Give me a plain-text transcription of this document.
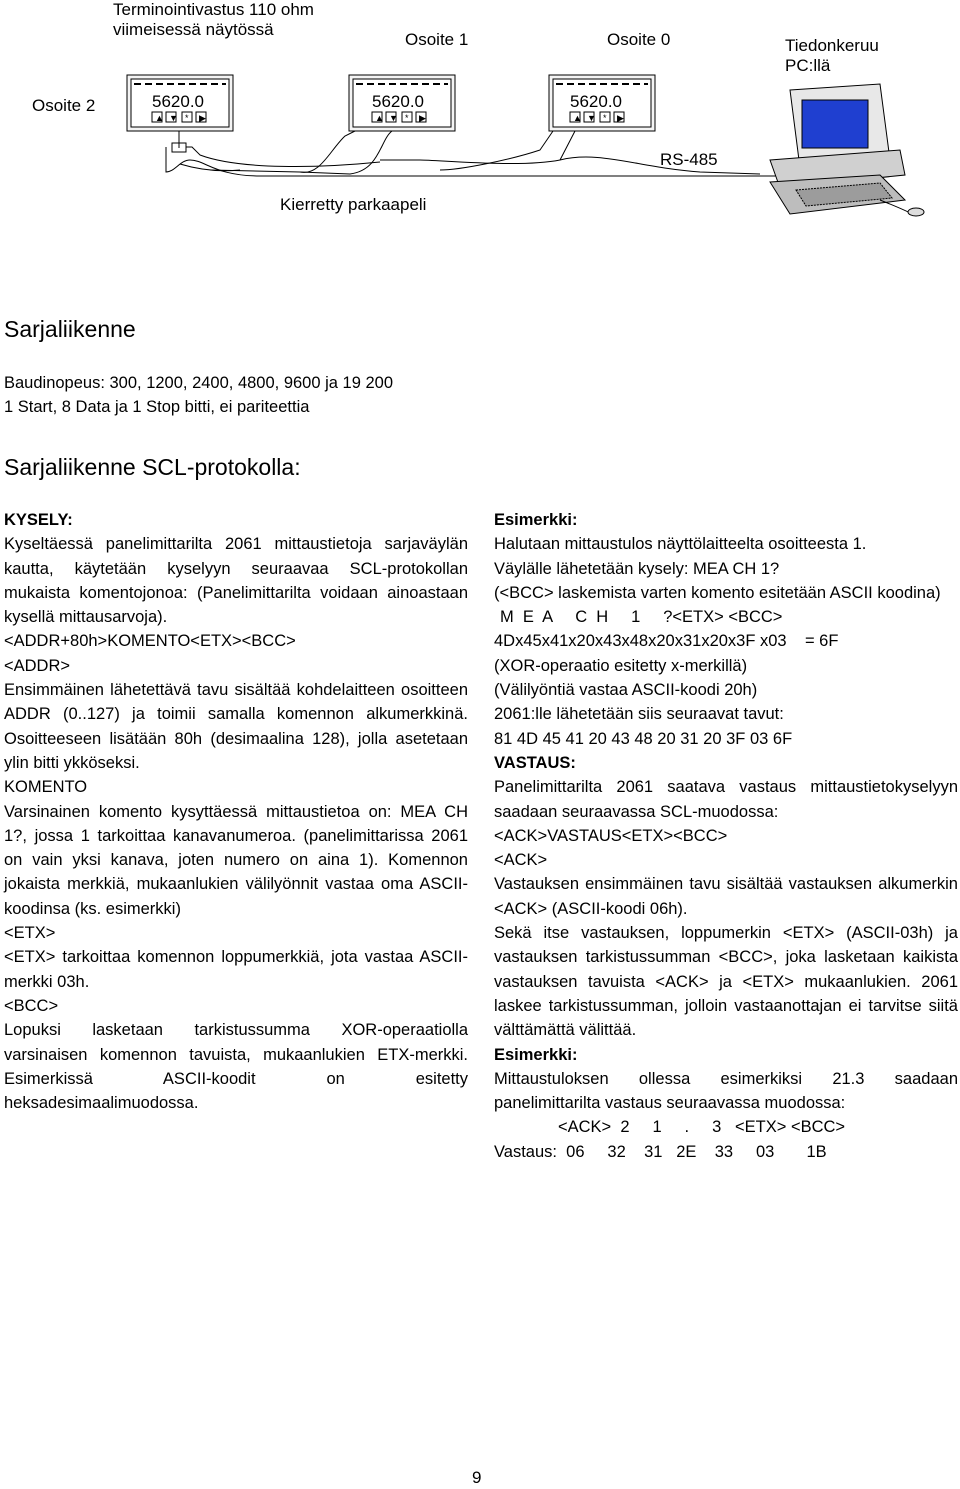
5620.0	5620.0	5620.0
▲ ▼ * ▶	▲ ▼ * ▶	▲ ▼ * ▶
Terminointivastus 110 ohm
viimeisessä näytössä
Osoite 2
Osoite 1	Osoite 0	Tiedonkeruu
PC:llä
RS-485
Kierretty parkaapeli
Sarjaliikenne
Baudinopeus: 300, 1200, 2400, 4800, 9600 ja 19 200
1 Start, 8 Data ja 1 Stop bitti, ei pariteettia
Sarjaliikenne SCL-protokolla:

KYSELY:

Kyseltäessä panelimittarilta 2061 mittaustietoja sarjaväylän kautta, käytetään kyselyyn seuraavaa SCL-protokollan mukaista komentojonoa: (Panelimittarilta voidaan ainoastaan kysellä mittausarvoja).

<ADDR+80h>KOMENTO<ETX><BCC>

<ADDR>

Ensimmäinen lähetettävä tavu sisältää kohdelaitteen osoitteen ADDR (0..127) ja toimii samalla komennon alkumerkkinä. Osoitteeseen lisätään 80h (desimaalina 128), jolla asetetaan ylin bitti ykköseksi.

KOMENTO

Varsinainen komento kysyttäessä mittaustietoa on: MEA CH 1?, jossa 1 tarkoittaa kanavanumeroa. (panelimittarissa 2061 on vain yksi kanava, joten numero on aina 1). Komennon jokaista merkkiä, mukaanlukien välilyönnit vastaa oma ASCII-koodinsa (ks. esimerkki)

<ETX>

<ETX> tarkoittaa komennon loppumerkkiä, jota vastaa ASCII-merkki 03h.

<BCC>

Lopuksi lasketaan tarkistussumma XOR-operaatiolla varsinaisen komennon tavuista, mukaanlukien ETX-merkki. Esimerkissä ASCII-koodit on esitetty heksadesimaalimuodossa.

Esimerkki:

Halutaan mittaustulos näyttölaitteelta osoitteesta 1.

Väylälle lähetetään kysely: MEA CH 1?

(<BCC> laskemista varten komento esitetään ASCII koodina)

M  E  A     C  H     1     ?<ETX> <BCC>

4Dx45x41x20x43x48x20x31x20x3F x03    = 6F

(XOR-operaatio esitetty x-merkillä)

(Välilyöntiä vastaa ASCII-koodi 20h)

2061:lle lähetetään siis seuraavat tavut:

81 4D 45 41 20 43 48 20 31 20 3F 03 6F

VASTAUS:

Panelimittarilta 2061 saatava vastaus mittaustietokyselyyn saadaan seuraavassa SCL-muodossa:

<ACK>VASTAUS<ETX><BCC>

<ACK>

Vastauksen ensimmäinen tavu sisältää vastauksen alkumerkin <ACK> (ASCII-koodi 06h).

Sekä itse vastauksen, loppumerkin <ETX> (ASCII-03h) ja vastauksen tarkistussumman <BCC>, joka lasketaan kaikista vastauksen tavuista <ACK> ja <ETX> mukaanlukien. 2061 laskee tarkistussumman, jolloin vastaanottajan ei tarvitse siitä välttämättä välittää.

Esimerkki:

Mittaustuloksen ollessa esimerkiksi 21.3 saadaan panelimittarilta vastaus seuraavassa muodossa:

<ACK>  2     1     .     3   <ETX> <BCC>

Vastaus:  06     32    31   2E    33     03       1B

9
